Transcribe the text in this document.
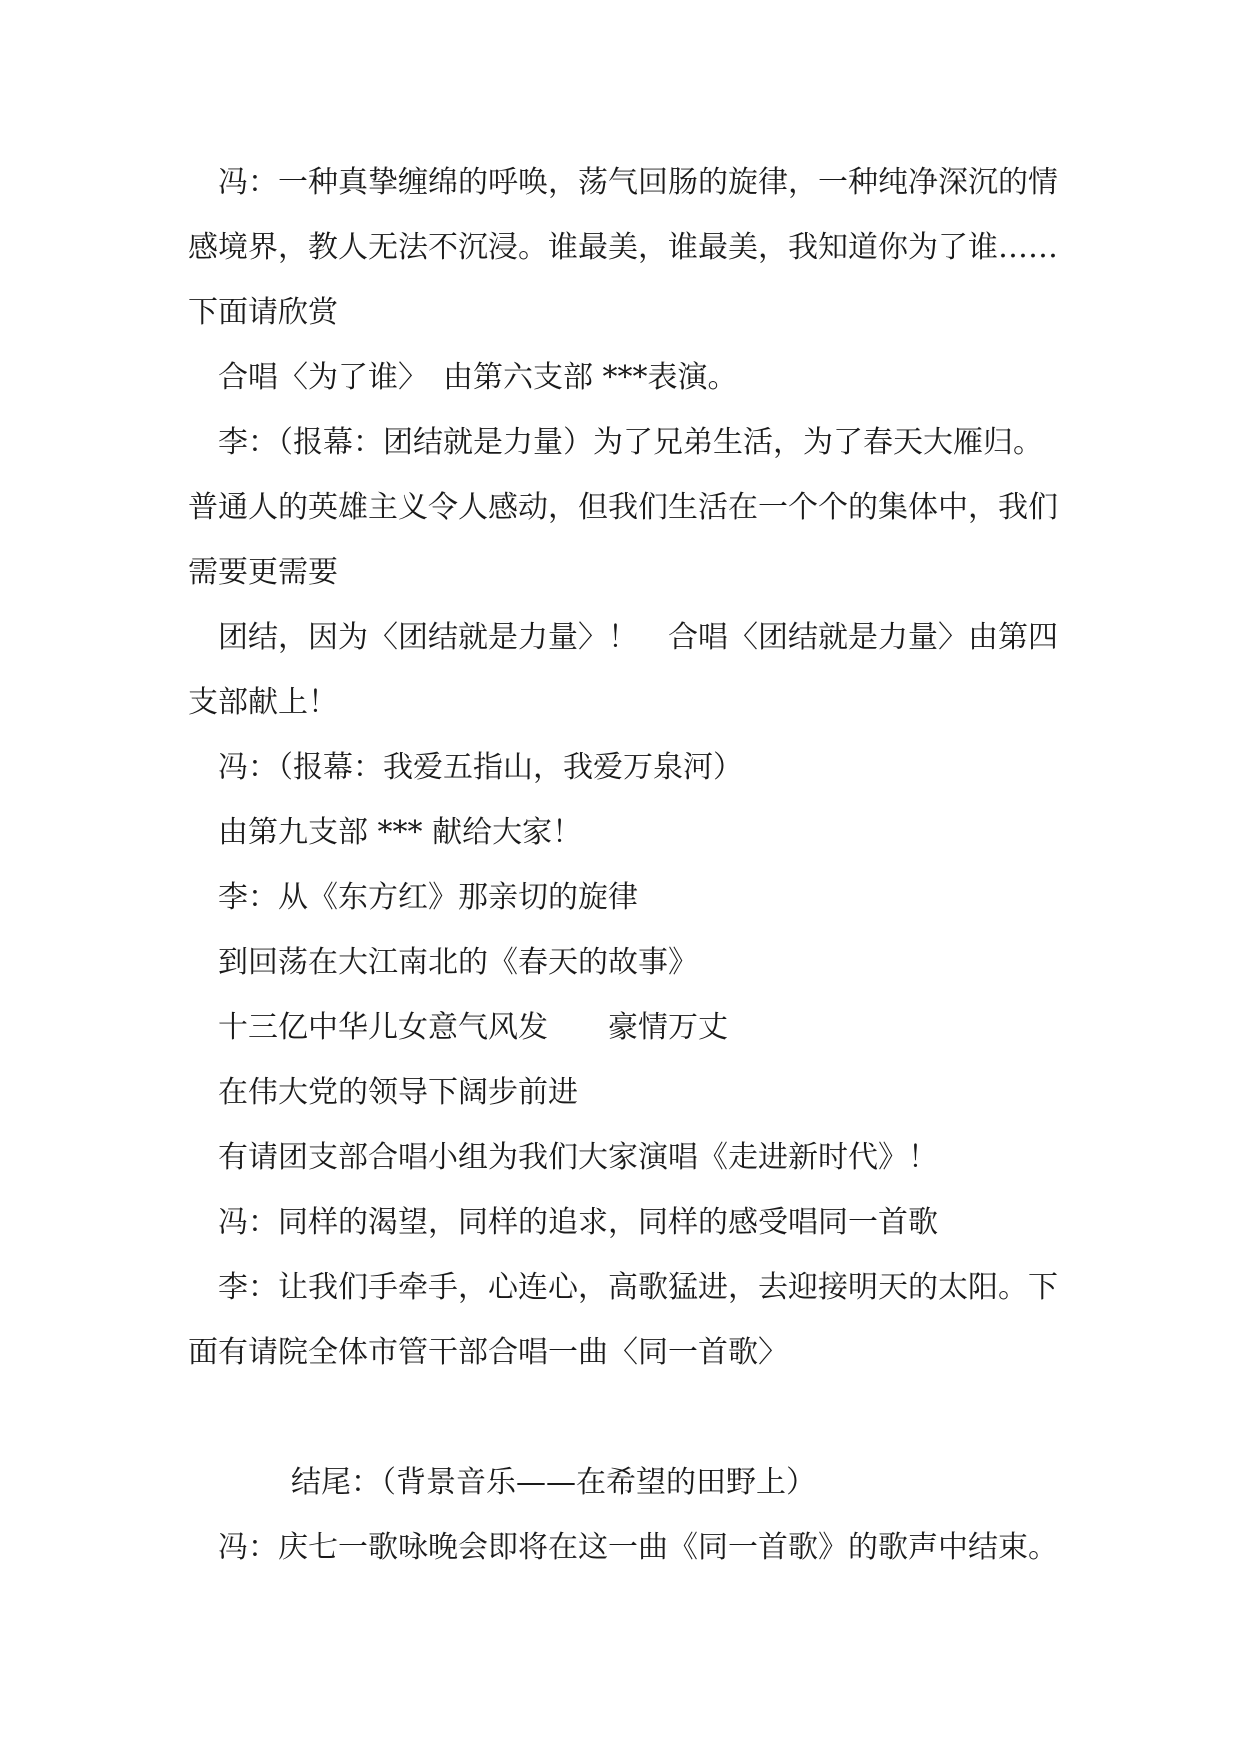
冯：一种真挚缠绵的呼唤，荡气回肠的旋律，一种纯净深沉的情感境界，教人无法不沉浸。谁最美，谁最美，我知道你为了谁……下面请欣赏

合唱〈为了谁〉　由第六支部 ***表演。

李：（报幕：团结就是力量）为了兄弟生活，为了春天大雁归。普通人的英雄主义令人感动，但我们生活在一个个的集体中，我们需要更需要

团结，因为〈团结就是力量〉！　合唱〈团结就是力量〉由第四支部献上！

冯：（报幕：我爱五指山，我爱万泉河）

由第九支部 *** 献给大家！

李：从《东方红》那亲切的旋律

到回荡在大江南北的《春天的故事》

十三亿中华儿女意气风发　　豪情万丈

在伟大党的领导下阔步前进

有请团支部合唱小组为我们大家演唱《走进新时代》！

冯：同样的渴望，同样的追求，同样的感受唱同一首歌

李：让我们手牵手，心连心，高歌猛进，去迎接明天的太阳。下面有请院全体市管干部合唱一曲〈同一首歌〉

结尾：（背景音乐——在希望的田野上）

冯：庆七一歌咏晚会即将在这一曲《同一首歌》的歌声中结束。
